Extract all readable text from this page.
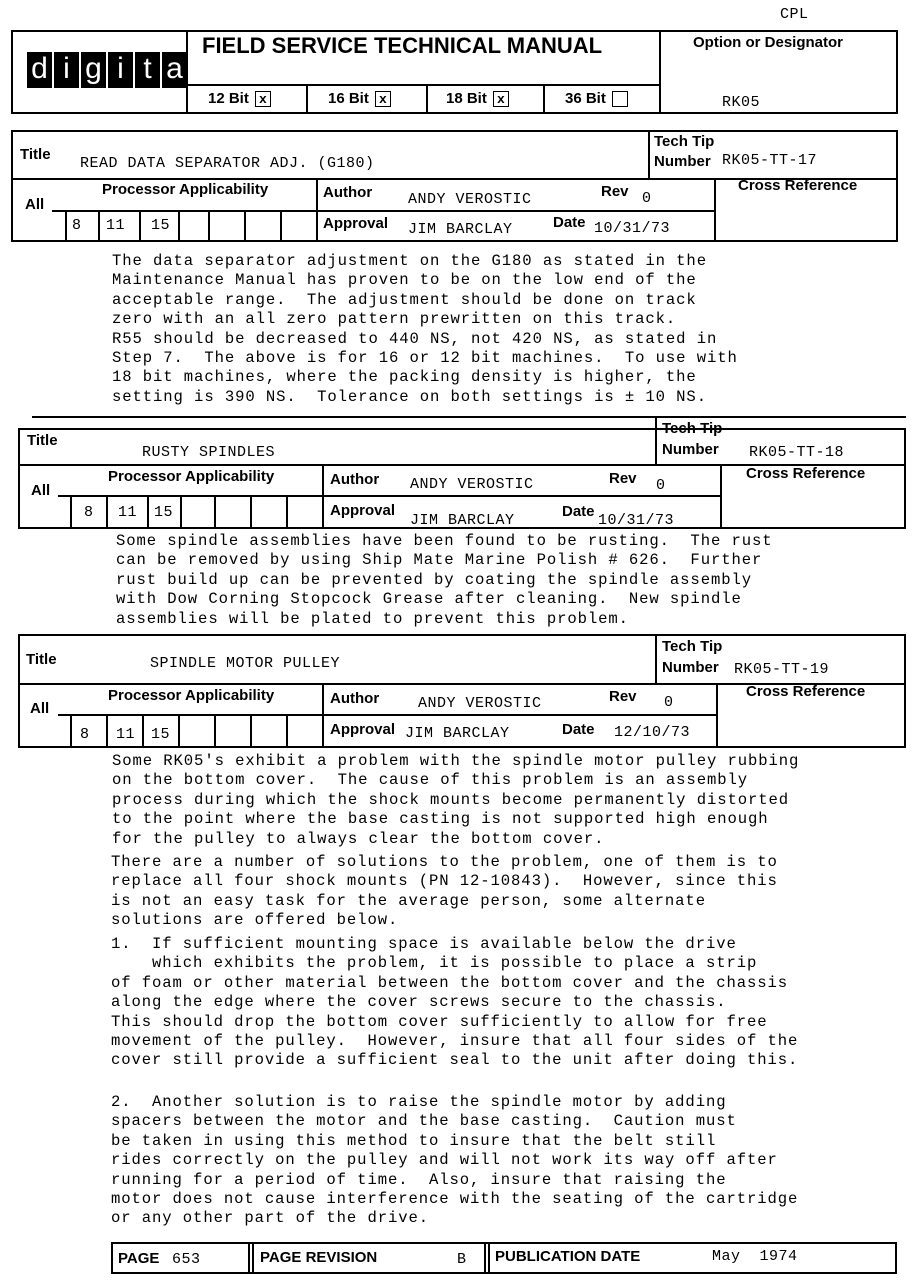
CPL
d i g i t a
FIELD SERVICE TECHNICAL MANUAL
12 Bit x	16 Bit x	18 Bit x	36 Bit
Option or Designator
RK05
Title
READ DATA SEPARATOR ADJ. (G180)
Tech Tip
Number RK05-TT-17
All
Processor Applicability
8 11 15
Author ANDY VEROSTIC	Rev 0
Approval JIM BARCLAY	Date 10/31/73
Cross Reference
The data separator adjustment on the G180 as stated in the
Maintenance Manual has proven to be on the low end of the
acceptable range.  The adjustment should be done on track
zero with an all zero pattern prewritten on this track.
R55 should be decreased to 440 NS, not 420 NS, as stated in
Step 7.  The above is for 16 or 12 bit machines.  To use with
18 bit machines, where the packing density is higher, the
setting is 390 NS.  Tolerance on both settings is ± 10 NS.
Title
RUSTY SPINDLES
Tech Tip
Number RK05-TT-18
All
Processor Applicability
8 11 15
Author ANDY VEROSTIC	Rev 0
Approval
JIM BARCLAY
Date
10/31/73
Cross Reference
Some spindle assemblies have been found to be rusting.  The rust
can be removed by using Ship Mate Marine Polish # 626.  Further
rust build up can be prevented by coating the spindle assembly
with Dow Corning Stopcock Grease after cleaning.  New spindle
assemblies will be plated to prevent this problem.
Title	SPINDLE MOTOR PULLEY
Tech Tip
Number RK05-TT-19
All
Processor Applicability
8 11 15
Author	ANDY VEROSTIC	Rev 0
Approval JIM BARCLAY	Date 12/10/73
Cross Reference
Some RK05's exhibit a problem with the spindle motor pulley rubbing
on the bottom cover.  The cause of this problem is an assembly
process during which the shock mounts become permanently distorted
to the point where the base casting is not supported high enough
for the pulley to always clear the bottom cover.
There are a number of solutions to the problem, one of them is to
replace all four shock mounts (PN 12-10843).  However, since this
is not an easy task for the average person, some alternate
solutions are offered below.
1.  If sufficient mounting space is available below the drive
which exhibits the problem, it is possible to place a strip
of foam or other material between the bottom cover and the chassis
along the edge where the cover screws secure to the chassis.
This should drop the bottom cover sufficiently to allow for free
movement of the pulley.  However, insure that all four sides of the
cover still provide a sufficient seal to the unit after doing this.
2.  Another solution is to raise the spindle motor by adding
spacers between the motor and the base casting.  Caution must
be taken in using this method to insure that the belt still
rides correctly on the pulley and will not work its way off after
running for a period of time.  Also, insure that raising the
motor does not cause interference with the seating of the cartridge
or any other part of the drive.
PAGE 653	PAGE REVISION	B PUBLICATION DATE	May  1974
